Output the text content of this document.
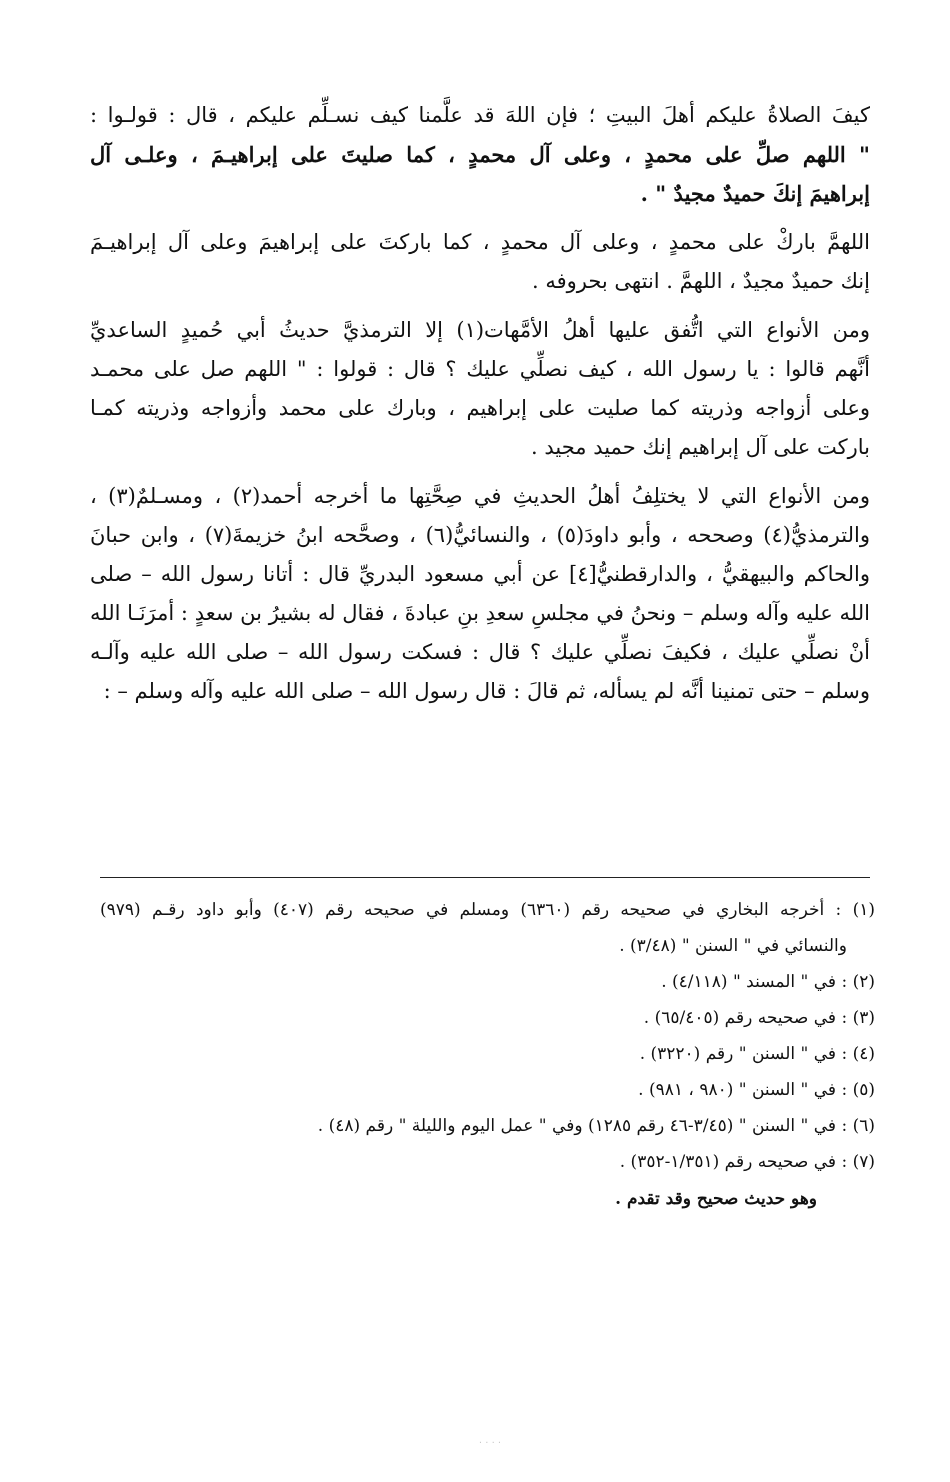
كيفَ الصلاةُ عليكم أهلَ البيتِ ؛ فإن اللهَ قد علَّمنا كيف نسـلِّم عليكم ، قال : قولـوا :
" اللهم صلِّ على محمدٍ ، وعلى آل محمدٍ ، كما صليتَ على إبراهيـمَ ، وعلـى آل
إبراهيمَ إنكَ حميدٌ مجيدٌ " .
اللهمَّ باركْ على محمدٍ ، وعلى آل محمدٍ ، كما باركتَ على إبراهيمَ وعلى آل إبراهيـمَ
إنك حميدٌ مجيدٌ ، اللهمَّ . انتهى بحروفه .
ومن الأنواع التي اتُّفق عليها أهلُ الأمَّهات(١) إلا الترمذيَّ حديثُ أبي حُميدٍ الساعديِّ
أنَّهم قالوا : يا رسول الله ، كيف نصلِّي عليك ؟ قال : قولوا : " اللهم صل على محمـد
وعلى أزواجه وذريته كما صليت على إبراهيم ، وبارك على محمد وأزواجه وذريته كمـا
باركت على آل إبراهيم إنك حميد مجيد .
ومن الأنواع التي لا يختلِفُ أهلُ الحديثِ في صِحَّتِها ما أخرجه أحمد(٢) ، ومسـلمٌ(٣) ،
والترمذيُّ(٤) وصححه ، وأبو داودَ(٥) ، والنسائيُّ(٦) ، وصحَّحه ابنُ خزيمةَ(٧) ، وابن حبانَ
والحاكم والبيهقيُّ ، والدارقطنيُّ[٤] عن أبي مسعود البدريِّ قال : أتانا رسول الله – صلى
الله عليه وآله وسلم – ونحنُ في مجلسِ سعدِ بنِ عبادةَ ، فقال له بشيرُ بن سعدٍ : أمرَنَـا الله
أنْ نصلِّي عليك ، فكيفَ نصلِّي عليك ؟ قال : فسكت رسول الله – صلى الله عليه وآلـه
وسلم – حتى تمنينا أنَّه لم يسأله، ثم قالَ : قال رسول الله – صلى الله عليه وآله وسلم – :
(١) : أخرجه البخاري في صحيحه رقم (٦٣٦٠) ومسلم في صحيحه رقم (٤٠٧) وأبو داود رقـم (٩٧٩)
والنسائي في " السنن " (٣/٤٨) .
(٢) : في " المسند " (٤/١١٨) .
(٣) : في صحيحه رقم (٦٥/٤٠٥) .
(٤) : في " السنن " رقم (٣٢٢٠) .
(٥) : في " السنن " (٩٨٠ ، ٩٨١) .
(٦) : في " السنن " (٣/٤٥-٤٦ رقم ١٢٨٥) وفي " عمل اليوم والليلة " رقم (٤٨) .
(٧) : في صحيحه رقم (١/٣٥١-٣٥٢) .
وهو حديث صحيح وقد تقدم .
· · · ·
